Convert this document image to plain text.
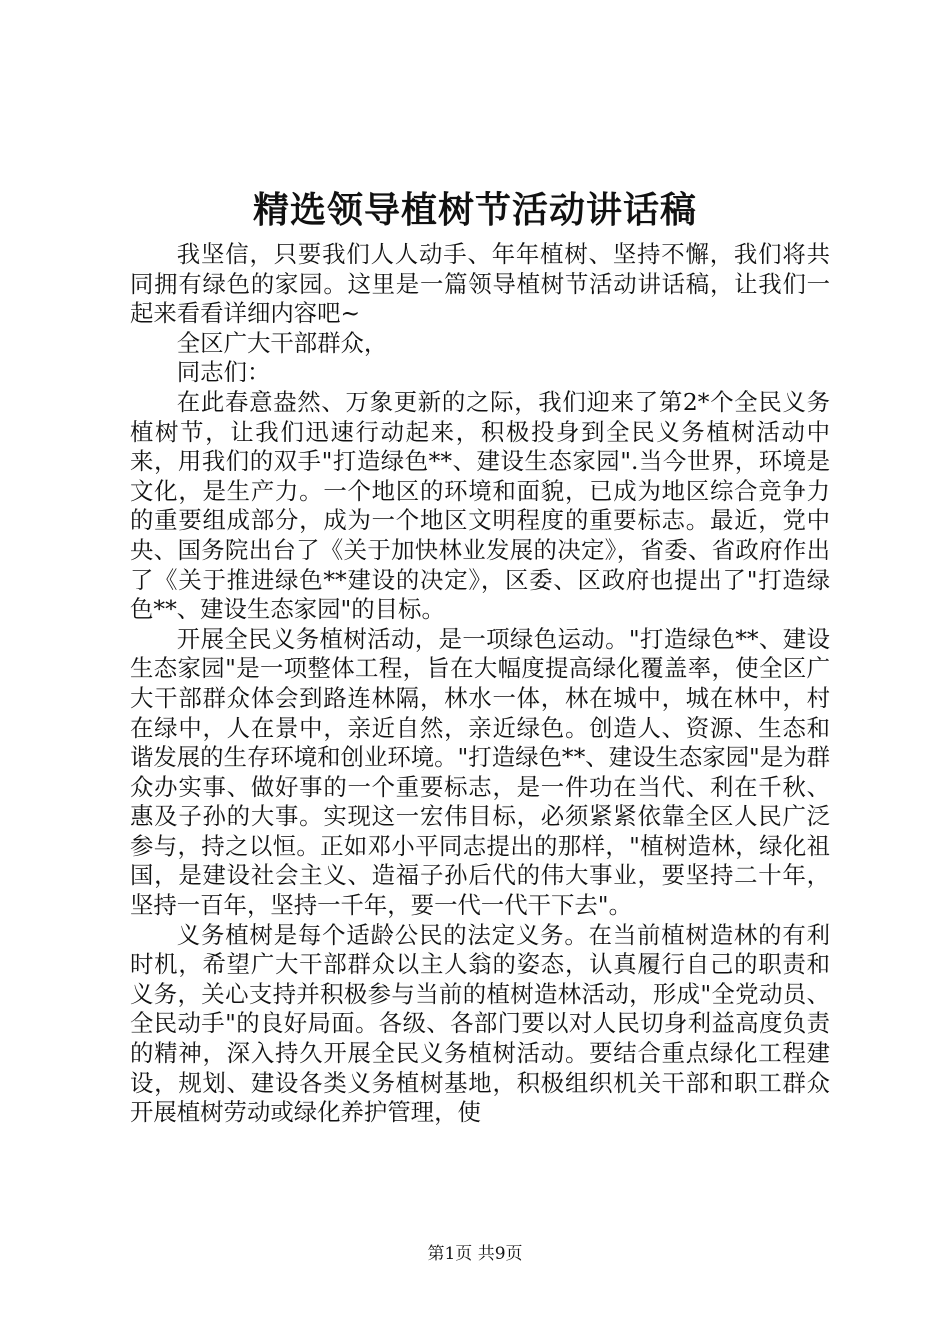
精选领导植树节活动讲话稿

我坚信，只要我们人人动手、年年植树、坚持不懈，我们将共同拥有绿色的家园。这里是一篇领导植树节活动讲话稿，让我们一起来看看详细内容吧~

全区广大干部群众，

同志们：

在此春意盎然、万象更新的之际，我们迎来了第2*个全民义务植树节，让我们迅速行动起来，积极投身到全民义务植树活动中来，用我们的双手"打造绿色**、建设生态家园".当今世界，环境是文化，是生产力。一个地区的环境和面貌，已成为地区综合竞争力的重要组成部分，成为一个地区文明程度的重要标志。最近，党中央、国务院出台了《关于加快林业发展的决定》，省委、省政府作出了《关于推进绿色**建设的决定》，区委、区政府也提出了"打造绿色**、建设生态家园"的目标。

开展全民义务植树活动，是一项绿色运动。"打造绿色**、建设生态家园"是一项整体工程，旨在大幅度提高绿化覆盖率，使全区广大干部群众体会到路连林隔，林水一体，林在城中，城在林中，村在绿中，人在景中，亲近自然，亲近绿色。创造人、资源、生态和谐发展的生存环境和创业环境。"打造绿色**、建设生态家园"是为群众办实事、做好事的一个重要标志，是一件功在当代、利在千秋、惠及子孙的大事。实现这一宏伟目标，必须紧紧依靠全区人民广泛参与，持之以恒。正如邓小平同志提出的那样，"植树造林，绿化祖国，是建设社会主义、造福子孙后代的伟大事业，要坚持二十年，坚持一百年，坚持一千年，要一代一代干下去"。

义务植树是每个适龄公民的法定义务。在当前植树造林的有利时机，希望广大干部群众以主人翁的姿态，认真履行自己的职责和义务，关心支持并积极参与当前的植树造林活动，形成"全党动员、全民动手"的良好局面。各级、各部门要以对人民切身利益高度负责的精神，深入持久开展全民义务植树活动。要结合重点绿化工程建设，规划、建设各类义务植树基地，积极组织机关干部和职工群众开展植树劳动或绿化养护管理，使

第1页 共9页
